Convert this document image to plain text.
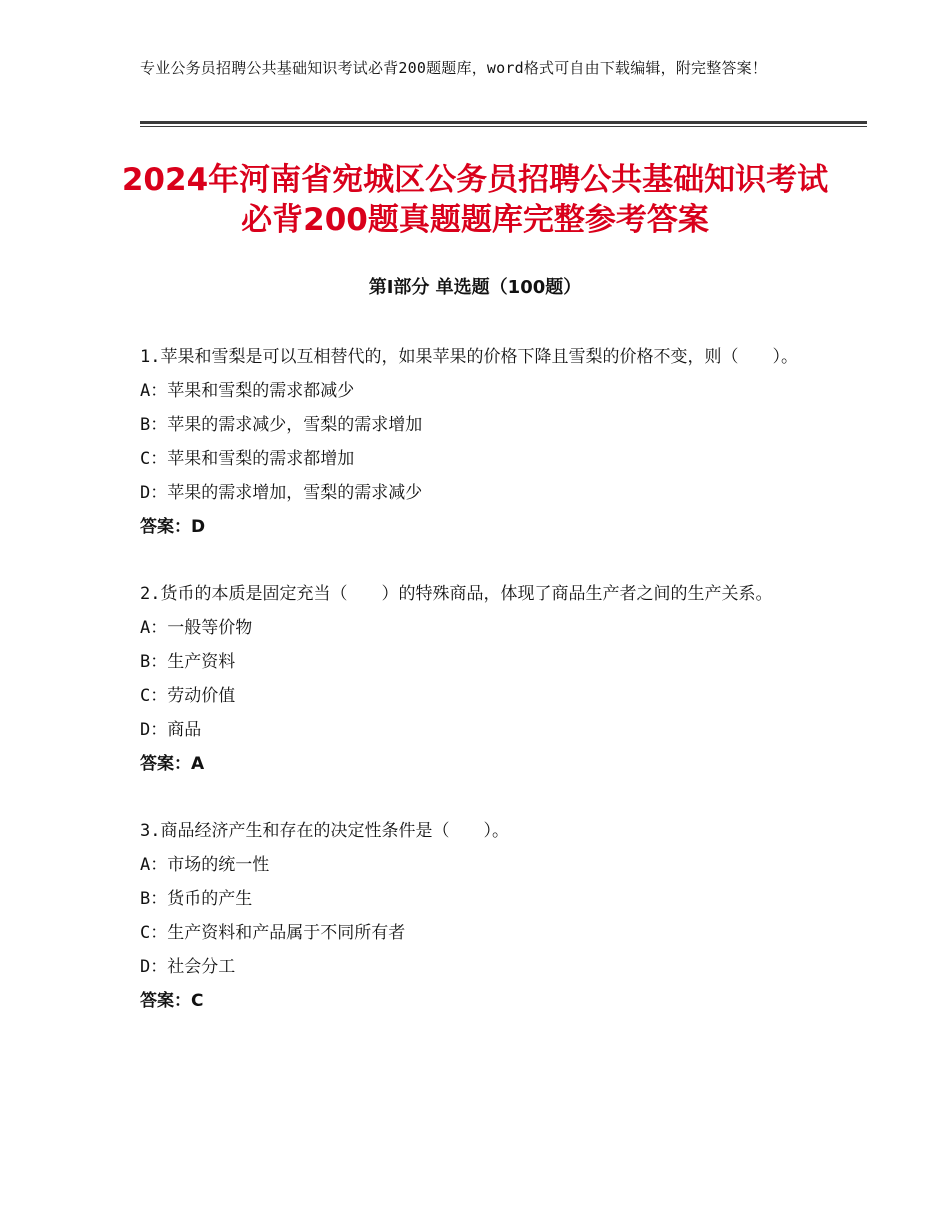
专业公务员招聘公共基础知识考试必背200题题库，word格式可自由下载编辑，附完整答案！
2024年河南省宛城区公务员招聘公共基础知识考试必背200题真题题库完整参考答案
第Ⅰ部分 单选题（100题）

1.苹果和雪梨是可以互相替代的，如果苹果的价格下降且雪梨的价格不变，则（　　）。

A：苹果和雪梨的需求都减少

B：苹果的需求减少，雪梨的需求增加

C：苹果和雪梨的需求都增加

D：苹果的需求增加，雪梨的需求减少

答案：D

2.货币的本质是固定充当（　　）的特殊商品，体现了商品生产者之间的生产关系。

A：一般等价物

B：生产资料

C：劳动价值

D：商品

答案：A

3.商品经济产生和存在的决定性条件是（　　）。

A：市场的统一性

B：货币的产生

C：生产资料和产品属于不同所有者

D：社会分工

答案：C
